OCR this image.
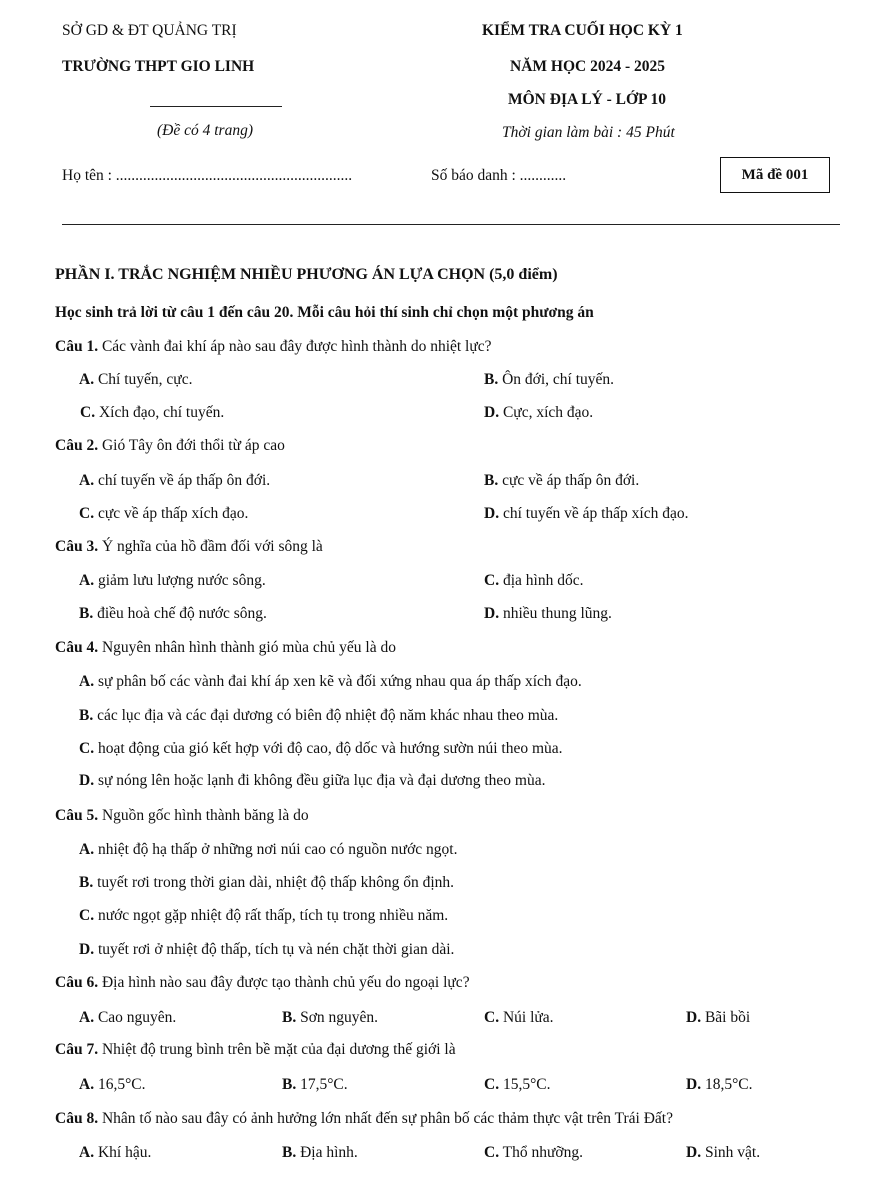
SỞ GD & ĐT QUẢNG TRỊ
TRƯỜNG THPT GIO LINH
(Đề có 4 trang)
KIỂM TRA CUỐI HỌC KỲ 1
NĂM HỌC 2024 - 2025
MÔN ĐỊA LÝ - LỚP 10
Thời gian làm bài : 45 Phút
Họ tên : .............................................................	Số báo danh : ............	Mã đề 001
PHẦN I. TRẮC NGHIỆM NHIỀU PHƯƠNG ÁN LỰA CHỌN (5,0 điểm)
Học sinh trả lời từ câu 1 đến câu 20. Mỗi câu hỏi thí sinh chỉ chọn một phương án
Câu 1. Các vành đai khí áp nào sau đây được hình thành do nhiệt lực?
A. Chí tuyến, cực.	B. Ôn đới, chí tuyến.
C. Xích đạo, chí tuyến.	D. Cực, xích đạo.
Câu 2. Gió Tây ôn đới thổi từ áp cao
A. chí tuyến về áp thấp ôn đới.	B. cực về áp thấp ôn đới.
C. cực về áp thấp xích đạo.	D. chí tuyến về áp thấp xích đạo.
Câu 3. Ý nghĩa của hồ đầm đối với sông là
A. giảm lưu lượng nước sông.	C. địa hình dốc.
B. điều hoà chế độ nước sông.	D. nhiều thung lũng.
Câu 4. Nguyên nhân hình thành gió mùa chủ yếu là do
A. sự phân bố các vành đai khí áp xen kẽ và đối xứng nhau qua áp thấp xích đạo.
B. các lục địa và các đại dương có biên độ nhiệt độ năm khác nhau theo mùa.
C. hoạt động của gió kết hợp với độ cao, độ dốc và hướng sườn núi theo mùa.
D. sự nóng lên hoặc lạnh đi không đều giữa lục địa và đại dương theo mùa.
Câu 5. Nguồn gốc hình thành băng là do
A. nhiệt độ hạ thấp ở những nơi núi cao có nguồn nước ngọt.
B. tuyết rơi trong thời gian dài, nhiệt độ thấp không ổn định.
C. nước ngọt gặp nhiệt độ rất thấp, tích tụ trong nhiều năm.
D. tuyết rơi ở nhiệt độ thấp, tích tụ và nén chặt thời gian dài.
Câu 6. Địa hình nào sau đây được tạo thành chủ yếu do ngoại lực?
A. Cao nguyên.	B. Sơn nguyên.	C. Núi lửa.	D. Bãi bồi
Câu 7. Nhiệt độ trung bình trên bề mặt của đại dương thế giới là
A. 16,5°C.	B. 17,5°C.	C. 15,5°C.	D. 18,5°C.
Câu 8. Nhân tố nào sau đây có ảnh hưởng lớn nhất đến sự phân bố các thảm thực vật trên Trái Đất?
A. Khí hậu.	B. Địa hình.	C. Thổ nhưỡng.	D. Sinh vật.
